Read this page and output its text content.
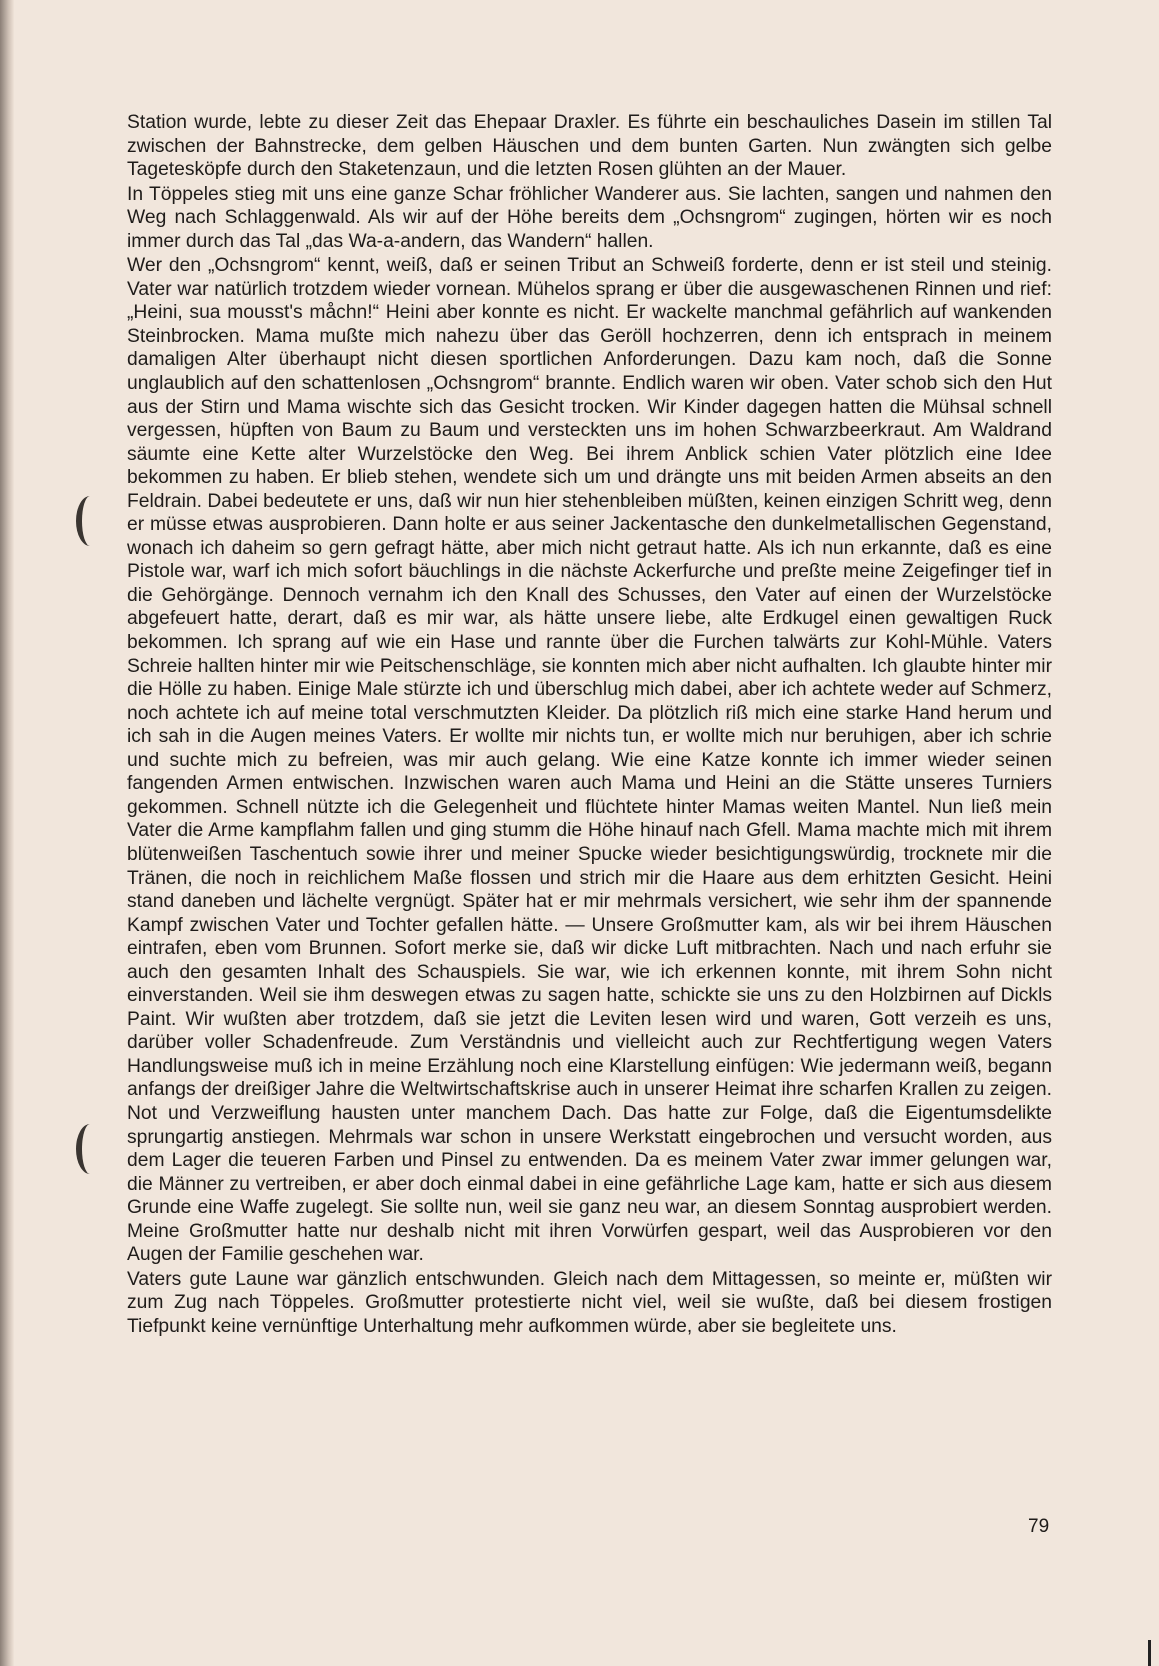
Station wurde, lebte zu dieser Zeit das Ehepaar Draxler. Es führte ein beschauliches Dasein im stillen Tal zwischen der Bahnstrecke, dem gelben Häuschen und dem bunten Garten. Nun zwängten sich gelbe Tageteskӧpfe durch den Staketenzaun, und die letzten Rosen glühten an der Mauer.

In Töppeles stieg mit uns eine ganze Schar fröhlicher Wanderer aus. Sie lachten, sangen und nahmen den Weg nach Schlaggenwald. Als wir auf der Höhe bereits dem „Ochsngrom“ zugingen, hörten wir es noch immer durch das Tal „das Wa-a-andern, das Wandern“ hallen.

Wer den „Ochsngrom“ kennt, weiß, daß er seinen Tribut an Schweiß forderte, denn er ist steil und steinig. Vater war natürlich trotzdem wieder vornean. Mühelos sprang er über die ausgewaschenen Rinnen und rief: „Heini, sua mousst's måchn!“ Heini aber konnte es nicht. Er wackelte manchmal gefährlich auf wankenden Steinbrocken. Mama mußte mich nahezu über das Geröll hochzerren, denn ich entsprach in meinem damaligen Alter überhaupt nicht diesen sportlichen Anforderungen. Dazu kam noch, daß die Sonne unglaublich auf den schattenlosen „Ochsngrom“ brannte. Endlich waren wir oben. Vater schob sich den Hut aus der Stirn und Mama wischte sich das Gesicht trocken. Wir Kinder dagegen hatten die Mühsal schnell vergessen, hüpften von Baum zu Baum und versteckten uns im hohen Schwarzbeerkraut. Am Waldrand säumte eine Kette alter Wurzelstöcke den Weg. Bei ihrem Anblick schien Vater plötzlich eine Idee bekommen zu haben. Er blieb stehen, wendete sich um und drängte uns mit beiden Armen abseits an den Feldrain. Dabei bedeutete er uns, daß wir nun hier stehenbleiben müßten, keinen einzigen Schritt weg, denn er müsse etwas ausprobieren. Dann holte er aus seiner Jackentasche den dunkelmetallischen Gegenstand, wonach ich daheim so gern gefragt hätte, aber mich nicht getraut hatte. Als ich nun erkannte, daß es eine Pistole war, warf ich mich sofort bäuchlings in die nächste Ackerfurche und preßte meine Zeigefinger tief in die Gehörgänge. Dennoch vernahm ich den Knall des Schusses, den Vater auf einen der Wurzelstöcke abgefeuert hatte, derart, daß es mir war, als hätte unsere liebe, alte Erdkugel einen gewaltigen Ruck bekommen. Ich sprang auf wie ein Hase und rannte über die Furchen talwärts zur Kohl-Mühle. Vaters Schreie hallten hinter mir wie Peitschenschläge, sie konnten mich aber nicht aufhalten. Ich glaubte hinter mir die Hölle zu haben. Einige Male stürzte ich und überschlug mich dabei, aber ich achtete weder auf Schmerz, noch achtete ich auf meine total verschmutzten Kleider. Da plötzlich riß mich eine starke Hand herum und ich sah in die Augen meines Vaters. Er wollte mir nichts tun, er wollte mich nur beruhigen, aber ich schrie und suchte mich zu befreien, was mir auch gelang. Wie eine Katze konnte ich immer wieder seinen fangenden Armen entwischen. Inzwischen waren auch Mama und Heini an die Stätte unseres Turniers gekommen. Schnell nützte ich die Gelegenheit und flüchtete hinter Mamas weiten Mantel. Nun ließ mein Vater die Arme kampflahm fallen und ging stumm die Höhe hinauf nach Gfell. Mama machte mich mit ihrem blütenweißen Taschentuch sowie ihrer und meiner Spucke wieder besichtigungswürdig, trocknete mir die Tränen, die noch in reichlichem Maße flossen und strich mir die Haare aus dem erhitzten Gesicht. Heini stand daneben und lächelte vergnügt. Später hat er mir mehrmals versichert, wie sehr ihm der spannende Kampf zwischen Vater und Tochter gefallen hätte. — Unsere Großmutter kam, als wir bei ihrem Häuschen eintrafen, eben vom Brunnen. Sofort merke sie, daß wir dicke Luft mitbrachten. Nach und nach erfuhr sie auch den gesamten Inhalt des Schauspiels. Sie war, wie ich erkennen konnte, mit ihrem Sohn nicht einverstanden. Weil sie ihm deswegen etwas zu sagen hatte, schickte sie uns zu den Holzbirnen auf Dickls Paint. Wir wußten aber trotzdem, daß sie jetzt die Leviten lesen wird und waren, Gott verzeih es uns, darüber voller Schadenfreude. Zum Verständnis und vielleicht auch zur Rechtfertigung wegen Vaters Handlungsweise muß ich in meine Erzählung noch eine Klarstellung einfügen: Wie jedermann weiß, begann anfangs der dreißiger Jahre die Weltwirtschaftskrise auch in unserer Heimat ihre scharfen Krallen zu zeigen. Not und Verzweiflung hausten unter manchem Dach. Das hatte zur Folge, daß die Eigentumsdelikte sprungartig anstiegen. Mehrmals war schon in unsere Werkstatt eingebrochen und versucht worden, aus dem Lager die teueren Farben und Pinsel zu entwenden. Da es meinem Vater zwar immer gelungen war, die Männer zu vertreiben, er aber doch einmal dabei in eine gefährliche Lage kam, hatte er sich aus diesem Grunde eine Waffe zugelegt. Sie sollte nun, weil sie ganz neu war, an diesem Sonntag ausprobiert werden. Meine Großmutter hatte nur deshalb nicht mit ihren Vorwürfen gespart, weil das Ausprobieren vor den Augen der Familie geschehen war.

Vaters gute Laune war gänzlich entschwunden. Gleich nach dem Mittagessen, so meinte er, müßten wir zum Zug nach Töppeles. Großmutter protestierte nicht viel, weil sie wußte, daß bei diesem frostigen Tiefpunkt keine vernünftige Unterhaltung mehr aufkommen würde, aber sie begleitete uns.

79
